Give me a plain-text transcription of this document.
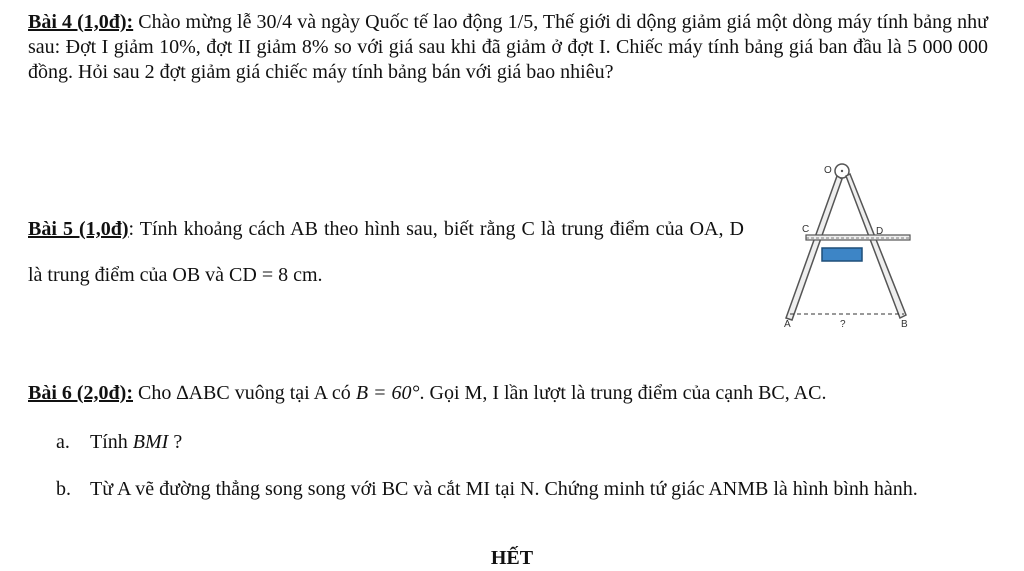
Bài 4 (1,0đ): Chào mừng lễ 30/4 và ngày Quốc tế lao động 1/5, Thế giới di dộng giảm giá một dòng máy tính bảng như sau: Đợt I giảm 10%, đợt II giảm 8% so với giá sau khi đã giảm ở đợt I. Chiếc máy tính bảng giá ban đầu là 5 000 000 đồng. Hỏi sau 2 đợt giảm giá chiếc máy tính bảng bán với giá bao nhiêu?
Bài 5 (1,0đ): Tính khoảng cách AB theo hình sau, biết rằng C là trung điểm của OA, D là trung điểm của OB và CD = 8 cm.
O
C	D
A	?	B
Bài 6 (2,0đ): Cho ∆ABC vuông tại A có B = 60°. Gọi M, I lần lượt là trung điểm của cạnh BC, AC.
a. Tính BMI ?
b. Từ A vẽ đường thẳng song song với BC và cắt MI tại N. Chứng minh tứ giác ANMB là hình bình hành.
HẾT
